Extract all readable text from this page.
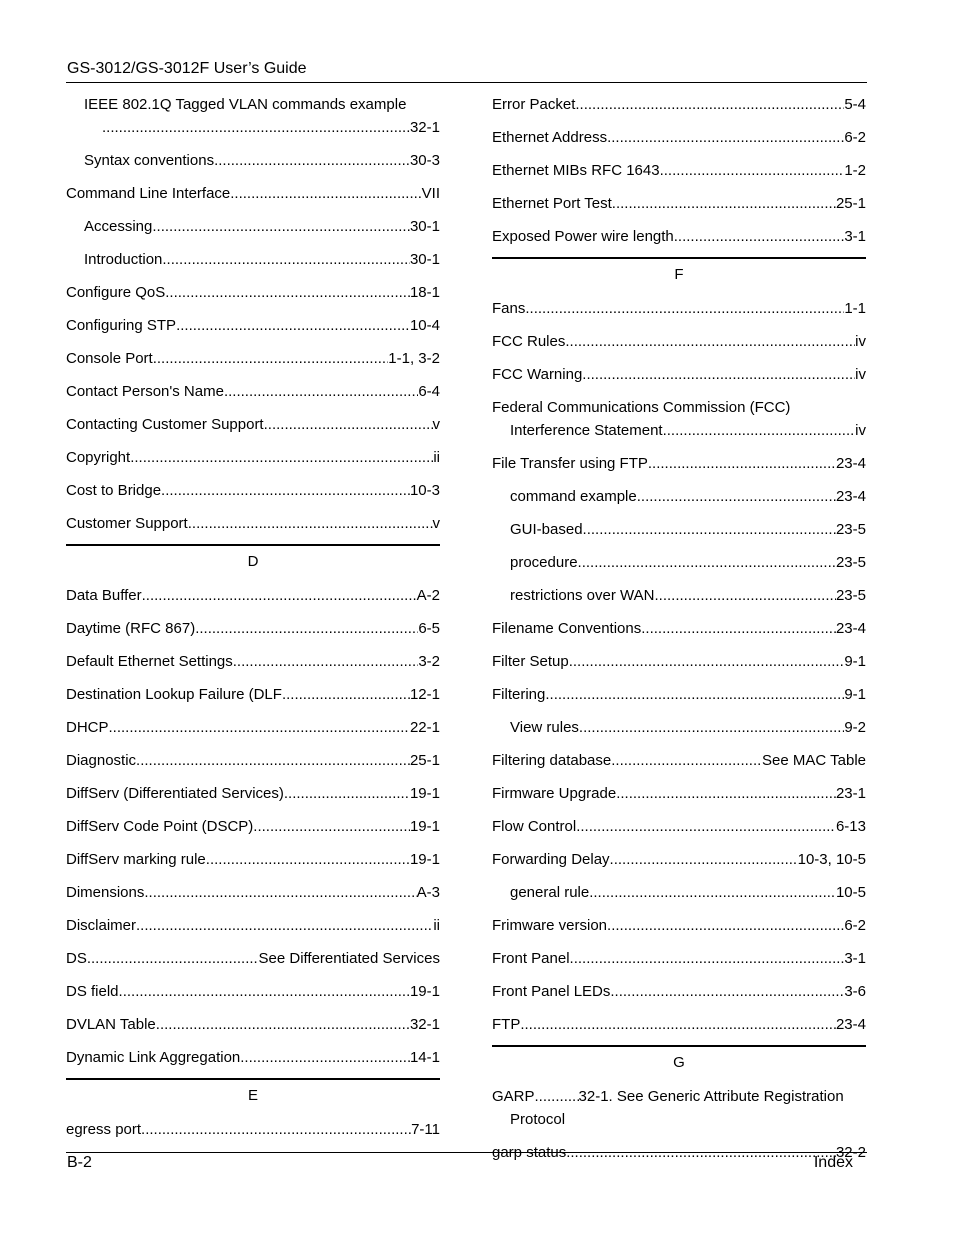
GS-3012/GS-3012F User’s Guide
IEEE 802.1Q Tagged VLAN commands example
.....
32-1
Syntax conventions .....	30-3
Command Line Interface .....	VII
Accessing .....	30-1
Introduction .....	30-1
Configure QoS .....	18-1
Configuring STP .....	10-4
Console Port .....	1-1, 3-2
Contact Person's Name .....	6-4
Contacting Customer Support .....	v
Copyright .....	ii
Cost to Bridge .....	10-3
Customer Support .....	v
D
Data Buffer .....	A-2
Daytime (RFC 867) .....	6-5
Default Ethernet Settings .....	3-2
Destination Lookup Failure (DLF .....	12-1
DHCP .....	22-1
Diagnostic .....	25-1
DiffServ (Differentiated Services) .....	19-1
DiffServ Code Point (DSCP) .....	19-1
DiffServ marking rule .....	19-1
Dimensions .....	A-3
Disclaimer .....	ii
DS .....	See Differentiated Services
DS field .....	19-1
DVLAN Table .....	32-1
Dynamic Link Aggregation .....	14-1
E
egress port .....	7-11
Error Packet .....	5-4
Ethernet Address .....	6-2
Ethernet MIBs RFC 1643 .....	1-2
Ethernet Port Test .....	25-1
Exposed Power wire length .....	3-1
F
Fans .....	1-1
FCC Rules .....	iv
FCC Warning .....	iv
Federal Communications Commission (FCC)
Interference Statement .....	iv
File Transfer using FTP .....	23-4
command example .....	23-4
GUI-based .....	23-5
procedure .....	23-5
restrictions over WAN .....	23-5
Filename Conventions .....	23-4
Filter Setup .....	9-1
Filtering .....	9-1
View rules .....	9-2
Filtering database .....	See MAC Table
Firmware Upgrade .....	23-1
Flow Control .....	6-13
Forwarding Delay .....	10-3, 10-5
general rule .....	10-5
Frimware version .....	6-2
Front Panel .....	3-1
Front Panel LEDs .....	3-6
FTP .....	23-4
G
GARP .....	32-1. See Generic Attribute Registration
Protocol
garp status .....	32-2
B-2	Index
